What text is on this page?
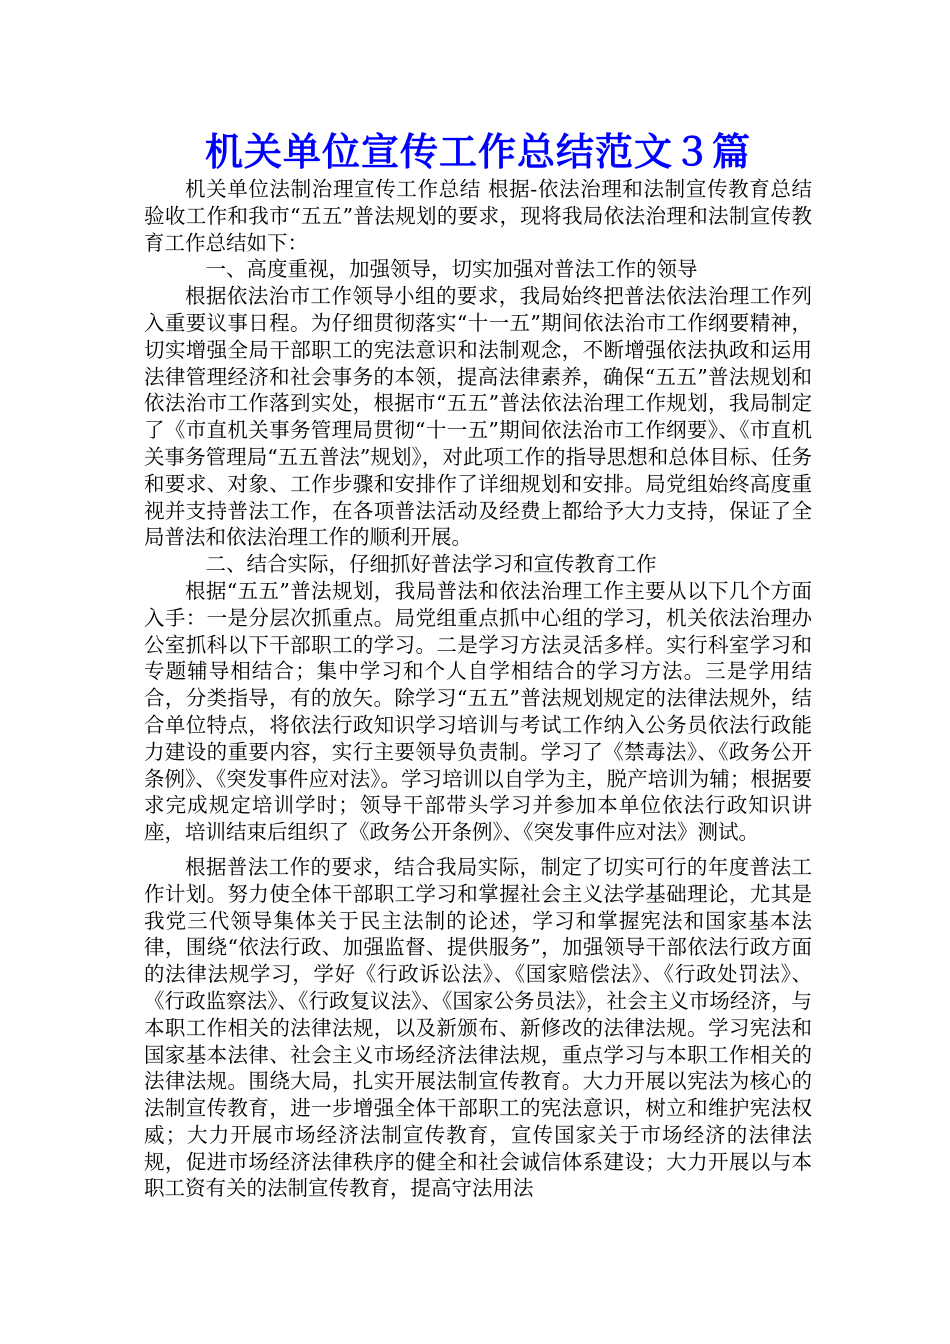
机关单位宣传工作总结范文３篇

机关单位法制治理宣传工作总结 根据-依法治理和法制宣传教育总结验收工作和我市“五五”普法规划的要求，现将我局依法治理和法制宣传教育工作总结如下：

一、高度重视，加强领导，切实加强对普法工作的领导

根据依法治市工作领导小组的要求，我局始终把普法依法治理工作列入重要议事日程。为仔细贯彻落实“十一五”期间依法治市工作纲要精神，切实增强全局干部职工的宪法意识和法制观念，不断增强依法执政和运用法律管理经济和社会事务的本领，提高法律素养，确保“五五”普法规划和依法治市工作落到实处，根据市“五五”普法依法治理工作规划，我局制定了《市直机关事务管理局贯彻“十一五”期间依法治市工作纲要》、《市直机关事务管理局“五五普法”规划》，对此项工作的指导思想和总体目标、任务和要求、对象、工作步骤和安排作了详细规划和安排。局党组始终高度重视并支持普法工作，在各项普法活动及经费上都给予大力支持，保证了全局普法和依法治理工作的顺利开展。

二、结合实际，仔细抓好普法学习和宣传教育工作

根据“五五”普法规划，我局普法和依法治理工作主要从以下几个方面入手：一是分层次抓重点。局党组重点抓中心组的学习，机关依法治理办公室抓科以下干部职工的学习。二是学习方法灵活多样。实行科室学习和专题辅导相结合；集中学习和个人自学相结合的学习方法。三是学用结合，分类指导，有的放矢。除学习“五五”普法规划规定的法律法规外，结合单位特点，将依法行政知识学习培训与考试工作纳入公务员依法行政能力建设的重要内容，实行主要领导负责制。学习了《禁毒法》、《政务公开条例》、《突发事件应对法》。学习培训以自学为主，脱产培训为辅；根据要求完成规定培训学时；领导干部带头学习并参加本单位依法行政知识讲座，培训结束后组织了《政务公开条例》、《突发事件应对法》测试。

根据普法工作的要求，结合我局实际，制定了切实可行的年度普法工作计划。努力使全体干部职工学习和掌握社会主义法学基础理论，尤其是我党三代领导集体关于民主法制的论述，学习和掌握宪法和国家基本法律，围绕“依法行政、加强监督、提供服务”，加强领导干部依法行政方面的法律法规学习，学好《行政诉讼法》、《国家赔偿法》、《行政处罚法》、《行政监察法》、《行政复议法》、《国家公务员法》，社会主义市场经济，与本职工作相关的法律法规，以及新颁布、新修改的法律法规。学习宪法和国家基本法律、社会主义市场经济法律法规，重点学习与本职工作相关的法律法规。围绕大局，扎实开展法制宣传教育。大力开展以宪法为核心的法制宣传教育，进一步增强全体干部职工的宪法意识，树立和维护宪法权威；大力开展市场经济法制宣传教育，宣传国家关于市场经济的法律法规，促进市场经济法律秩序的健全和社会诚信体系建设；大力开展以与本职工资有关的法制宣传教育，提高守法用法
